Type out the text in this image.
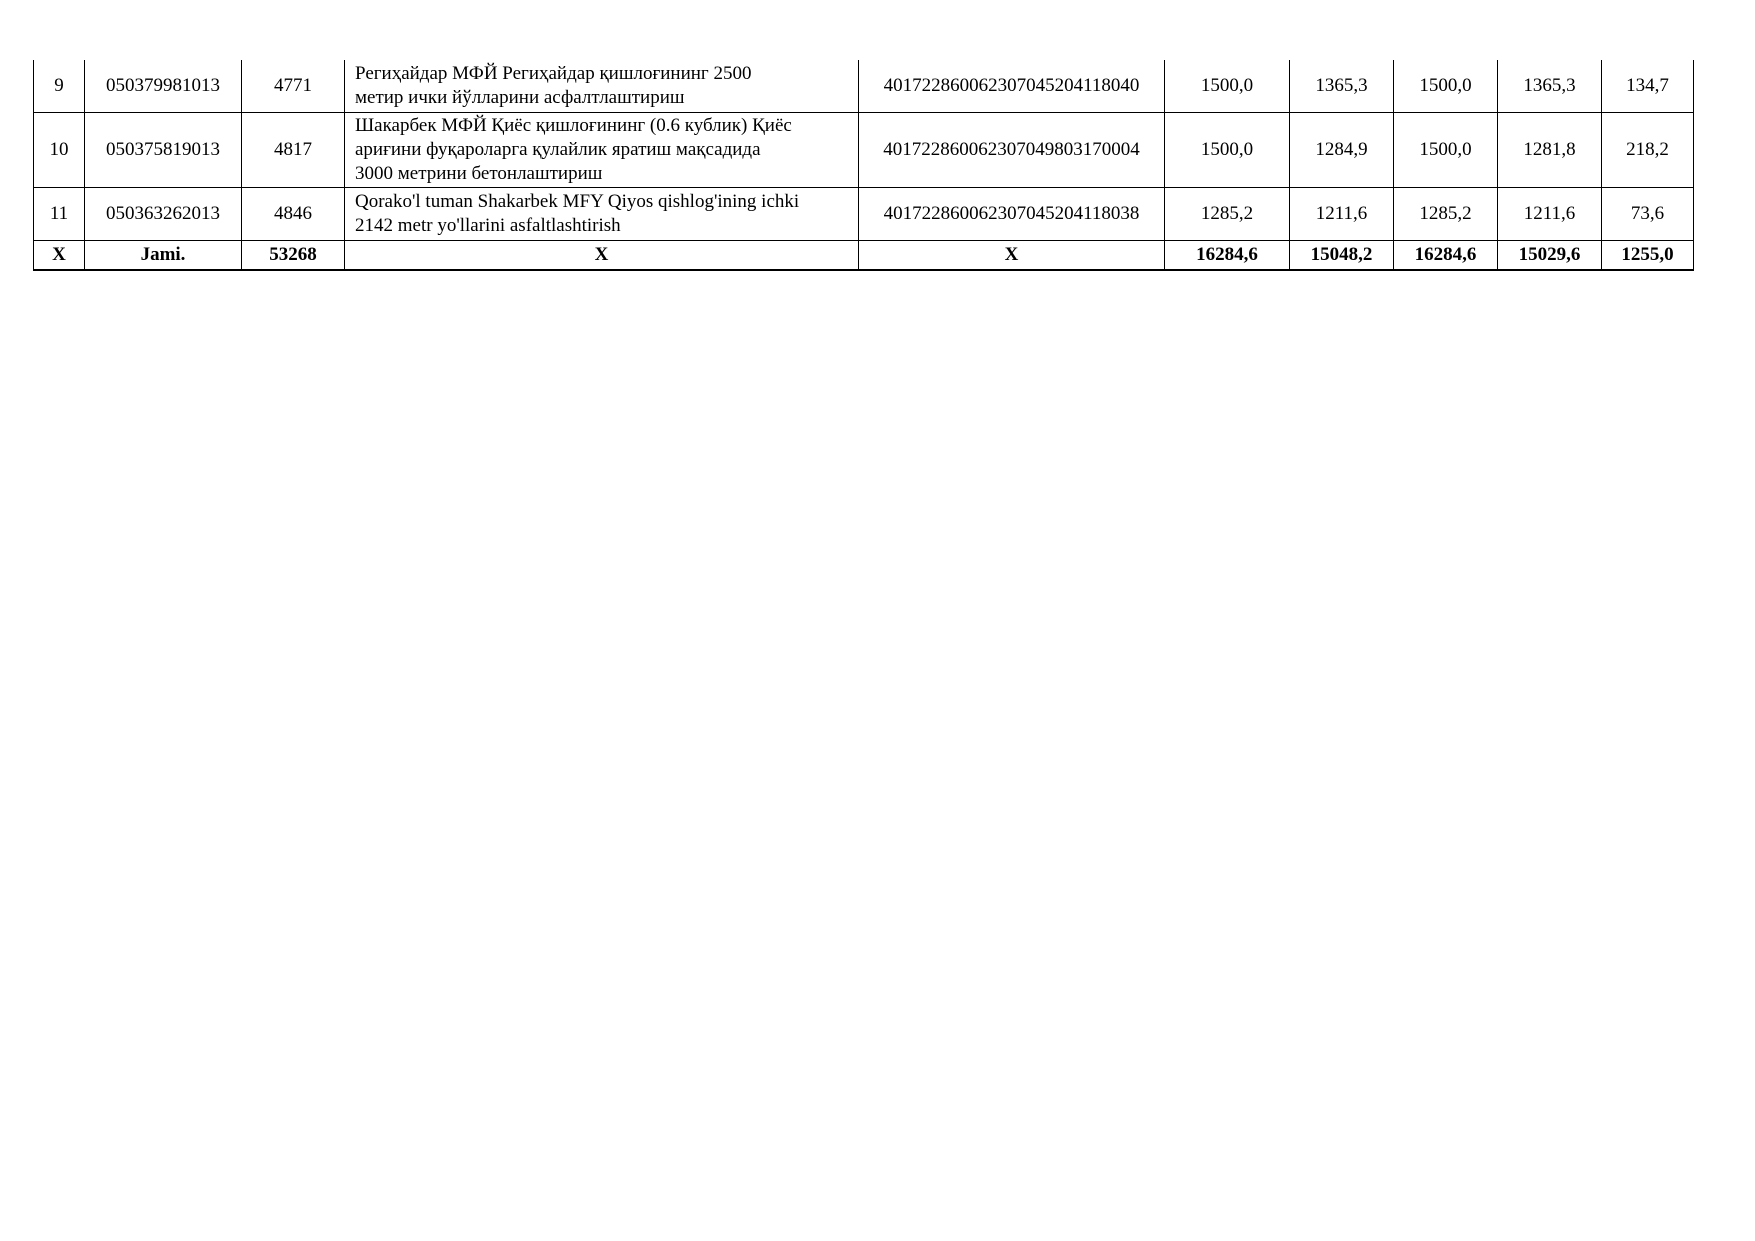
9	050379981013	4771	Региҳайдар МФЙ Региҳайдар қишлоғининг 2500
метир ички йўлларини асфалтлаштириш	401722860062307045204118040	1500,0	1365,3	1500,0	1365,3	134,7
10	050375819013	4817	Шакарбек МФЙ Қиёс қишлоғининг (0.6 кублик) Қиёс
ариғини фуқароларга қулайлик яратиш мақсадида
3000 метрини бетонлаштириш	401722860062307049803170004	1500,0	1284,9	1500,0	1281,8	218,2
11	050363262013	4846	Qorako'l tuman Shakarbek MFY Qiyos qishlog'ining ichki
2142 metr yo'llarini asfaltlashtirish	401722860062307045204118038	1285,2	1211,6	1285,2	1211,6	73,6
X	Jami.	53268	X	X	16284,6	15048,2	16284,6	15029,6	1255,0
